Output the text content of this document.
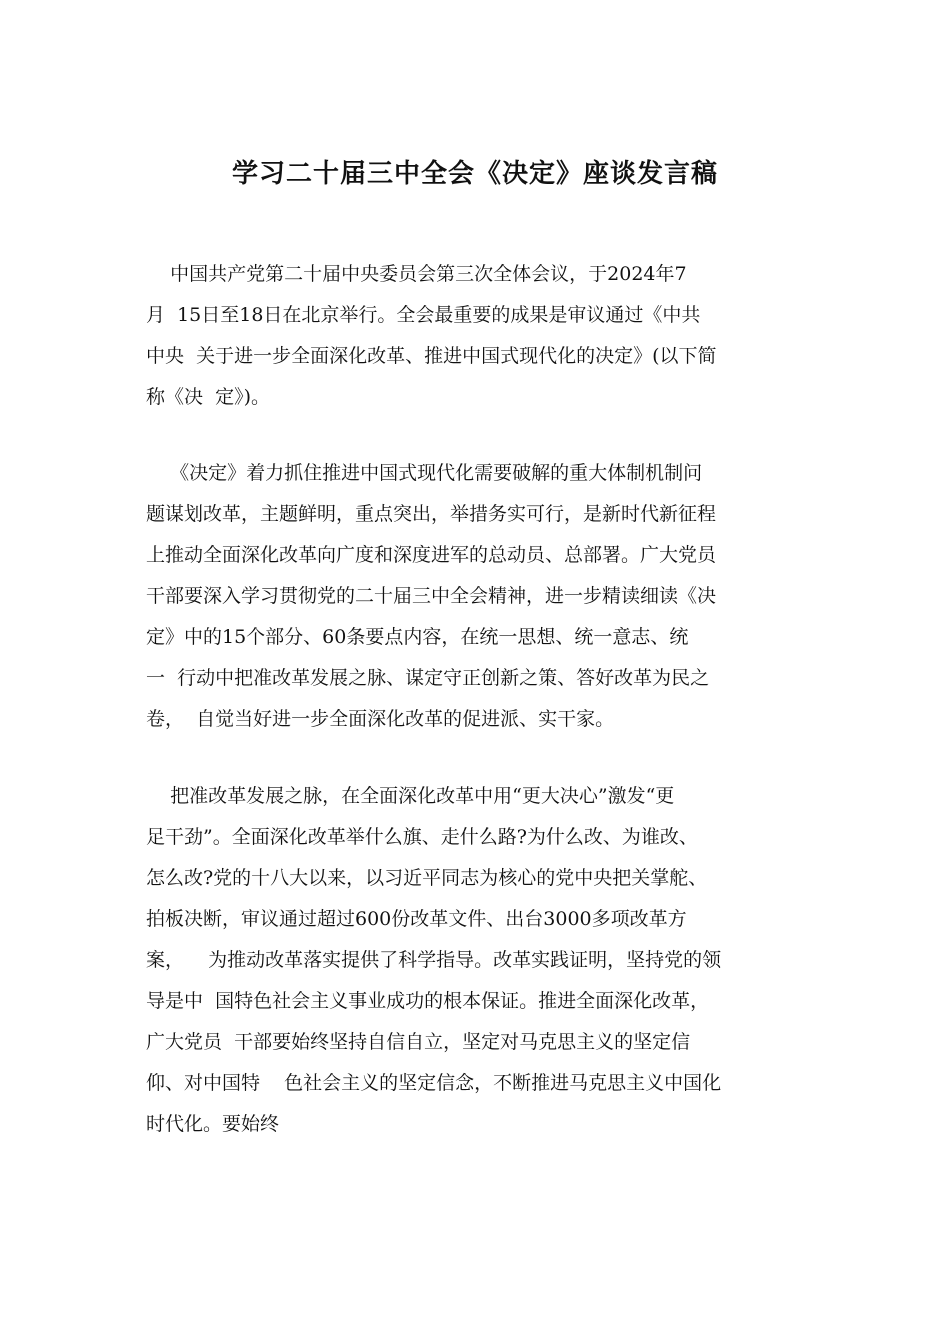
学习二十届三中全会《决定》座谈发言稿
中国共产党第二十届中央委员会第三次全体会议，于2024年7
月  15日至18日在北京举行。全会最重要的成果是审议通过《中共
中央  关于进一步全面深化改革、推进中国式现代化的决定》(以下简
称《决  定》)。
《决定》着力抓住推进中国式现代化需要破解的重大体制机制问
题谋划改革，主题鲜明，重点突出，举措务实可行，是新时代新征程
上推动全面深化改革向广度和深度进军的总动员、总部署。广大党员
干部要深入学习贯彻党的二十届三中全会精神，进一步精读细读《决
定》中的15个部分、60条要点内容，在统一思想、统一意志、统
一  行动中把准改革发展之脉、谋定守正创新之策、答好改革为民之
卷，  自觉当好进一步全面深化改革的促进派、实干家。
把准改革发展之脉，在全面深化改革中用“更大决心”激发“更
足干劲”。全面深化改革举什么旗、走什么路?为什么改、为谁改、
怎么改?党的十八大以来，以习近平同志为核心的党中央把关掌舵、
拍板决断，审议通过超过600份改革文件、出台3000多项改革方
案，    为推动改革落实提供了科学指导。改革实践证明，坚持党的领
导是中  国特色社会主义事业成功的根本保证。推进全面深化改革，
广大党员  干部要始终坚持自信自立，坚定对马克思主义的坚定信
仰、对中国特    色社会主义的坚定信念，不断推进马克思主义中国化
时代化。要始终
